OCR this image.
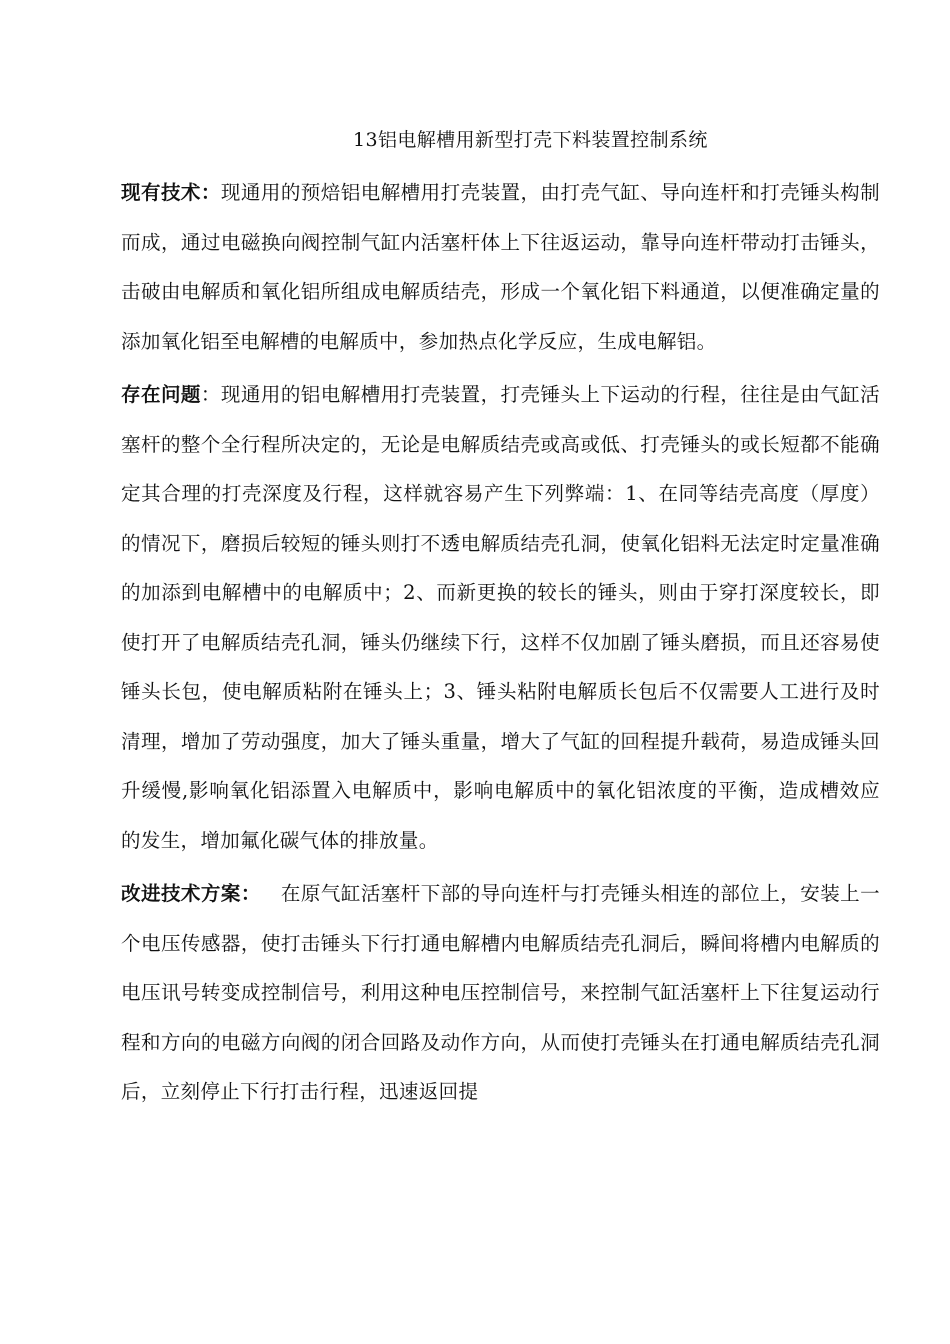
13铝电解槽用新型打壳下料装置控制系统

现有技术：现通用的预焙铝电解槽用打壳装置，由打壳气缸、导向连杆和打壳锤头构制而成，通过电磁换向阀控制气缸内活塞杆体上下往返运动，靠导向连杆带动打击锤头，击破由电解质和氧化铝所组成电解质结壳，形成一个氧化铝下料通道，以便准确定量的添加氧化铝至电解槽的电解质中，参加热点化学反应，生成电解铝。

存在问题：现通用的铝电解槽用打壳装置，打壳锤头上下运动的行程，往往是由气缸活塞杆的整个全行程所决定的，无论是电解质结壳或高或低、打壳锤头的或长短都不能确定其合理的打壳深度及行程，这样就容易产生下列弊端：1、在同等结壳高度（厚度）的情况下，磨损后较短的锤头则打不透电解质结壳孔洞，使氧化铝料无法定时定量准确的加添到电解槽中的电解质中；2、而新更换的较长的锤头，则由于穿打深度较长，即使打开了电解质结壳孔洞，锤头仍继续下行，这样不仅加剧了锤头磨损，而且还容易使锤头长包，使电解质粘附在锤头上；3、锤头粘附电解质长包后不仅需要人工进行及时清理，增加了劳动强度，加大了锤头重量，增大了气缸的回程提升载荷，易造成锤头回升缓慢,影响氧化铝添置入电解质中，影响电解质中的氧化铝浓度的平衡，造成槽效应的发生，增加氟化碳气体的排放量。

改进技术方案： 在原气缸活塞杆下部的导向连杆与打壳锤头相连的部位上，安装上一个电压传感器，使打击锤头下行打通电解槽内电解质结壳孔洞后，瞬间将槽内电解质的电压讯号转变成控制信号，利用这种电压控制信号，来控制气缸活塞杆上下往复运动行程和方向的电磁方向阀的闭合回路及动作方向，从而使打壳锤头在打通电解质结壳孔洞后，立刻停止下行打击行程，迅速返回提
